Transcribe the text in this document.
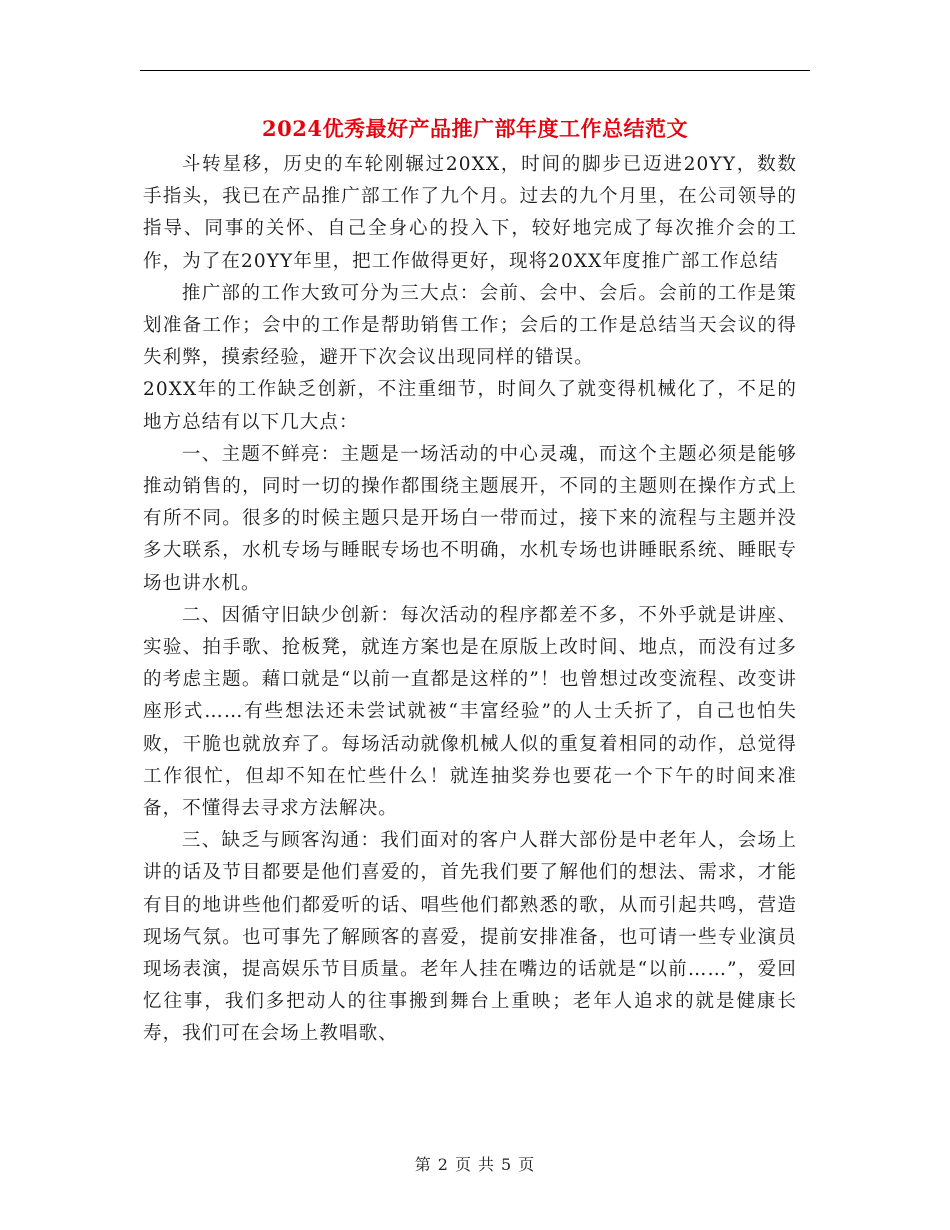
2024优秀最好产品推广部年度工作总结范文

斗转星移，历史的车轮刚辗过20XX，时间的脚步已迈进20YY，数数手指头，我已在产品推广部工作了九个月。过去的九个月里，在公司领导的指导、同事的关怀、自己全身心的投入下，较好地完成了每次推介会的工作，为了在20YY年里，把工作做得更好，现将20XX年度推广部工作总结

推广部的工作大致可分为三大点：会前、会中、会后。会前的工作是策划准备工作；会中的工作是帮助销售工作；会后的工作是总结当天会议的得失利弊，摸索经验，避开下次会议出现同样的错误。

20XX年的工作缺乏创新，不注重细节，时间久了就变得机械化了，不足的地方总结有以下几大点：

一、主题不鲜亮：主题是一场活动的中心灵魂，而这个主题必须是能够推动销售的，同时一切的操作都围绕主题展开，不同的主题则在操作方式上有所不同。很多的时候主题只是开场白一带而过，接下来的流程与主题并没多大联系，水机专场与睡眠专场也不明确，水机专场也讲睡眠系统、睡眠专场也讲水机。

二、因循守旧缺少创新：每次活动的程序都差不多，不外乎就是讲座、实验、拍手歌、抢板凳，就连方案也是在原版上改时间、地点，而没有过多的考虑主题。藉口就是“以前一直都是这样的”！也曾想过改变流程、改变讲座形式……有些想法还未尝试就被“丰富经验”的人士夭折了，自己也怕失败，干脆也就放弃了。每场活动就像机械人似的重复着相同的动作，总觉得工作很忙，但却不知在忙些什么！就连抽奖券也要花一个下午的时间来准备，不懂得去寻求方法解决。

三、缺乏与顾客沟通：我们面对的客户人群大部份是中老年人，会场上讲的话及节目都要是他们喜爱的，首先我们要了解他们的想法、需求，才能有目的地讲些他们都爱听的话、唱些他们都熟悉的歌，从而引起共鸣，营造现场气氛。也可事先了解顾客的喜爱，提前安排准备，也可请一些专业演员现场表演，提高娱乐节目质量。老年人挂在嘴边的话就是“以前……”，爱回忆往事，我们多把动人的往事搬到舞台上重映；老年人追求的就是健康长寿，我们可在会场上教唱歌、

第 2 页 共 5 页
